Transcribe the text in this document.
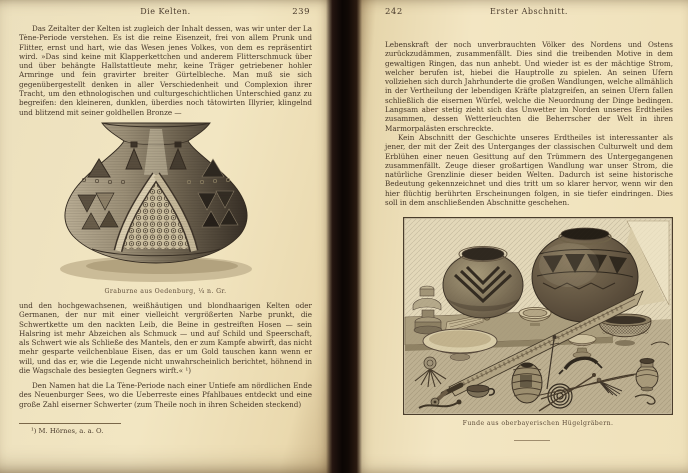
Die Kelten.	239

Das Zeitalter der Kelten ist zugleich der Inhalt dessen, was wir unter der La Tène-Periode verstehen. Es ist die reine Eisenzeit, frei von allem Prunk und Flitter, ernst und hart, wie das Wesen jenes Volkes, von dem es repräsentirt wird. »Das sind keine mit Klapperkettchen und anderem Flitterschmuck über und über behängte Hallstattleute mehr, keine Träger getriebener hohler Armringe und fein gravirter breiter Gürtelbleche. Man muß sie sich gegenübergestellt denken in aller Verschiedenheit und Complexion ihrer Tracht, um den ethnologischen und culturgeschichtlichen Unterschied ganz zu begreifen: den kleineren, dunklen, überdies noch tätowirten Illyrier, klingelnd und blitzend mit seiner goldhellen Bronze —

Graburne aus Oedenburg, ¼ n. Gr.

und den hochgewachsenen, weißhäutigen und blondhaarigen Kelten oder Germanen, der nur mit einer vielleicht vergrößerten Narbe prunkt, die Schwertkette um den nackten Leib, die Beine in gestreiften Hosen — sein Halsring ist mehr Abzeichen als Schmuck — und auf Schild und Speerschaft, als Schwert wie als Schließe des Mantels, den er zum Kampfe abwirft, das nicht mehr gesparte veilchenblaue Eisen, das er um Gold tauschen kann wenn er will, und das er, wie die Legende nicht unwahrscheinlich berichtet, höhnend in die Wagschale des besiegten Gegners wirft.« ¹)

Den Namen hat die La Tène-Periode nach einer Untiefe am nördlichen Ende des Neuenburger Sees, wo die Ueberreste eines Pfahlbaues entdeckt und eine große Zahl eiserner Schwerter (zum Theile noch in ihren Scheiden steckend)

¹) M. Hörnes, a. a. O.
242	Erster Abschnitt.

Lebenskraft der noch unverbrauchten Völker des Nordens und Ostens zurückzudämmen, zusammenfällt. Dies sind die treibenden Motive in dem gewaltigen Ringen, das nun anhebt. Und wieder ist es der mächtige Strom, welcher berufen ist, hiebei die Hauptrolle zu spielen. An seinen Ufern vollziehen sich durch Jahrhunderte die großen Wandlungen, welche allmählich in der Vertheilung der lebendigen Kräfte platzgreifen, an seinen Ufern fallen schließlich die eisernen Würfel, welche die Neuordnung der Dinge bedingen. Langsam aber stetig zieht sich das Unwetter im Norden unseres Erdtheiles zusammen, dessen Wetterleuchten die Beherrscher der Welt in ihren Marmorpalästen erschreckte.

Kein Abschnitt der Geschichte unseres Erdtheiles ist interessanter als jener, der mit der Zeit des Unterganges der classischen Culturwelt und dem Erblühen einer neuen Gesittung auf den Trümmern des Untergegangenen zusammenfällt. Zeuge dieser großartigen Wandlung war unser Strom, die natürliche Grenzlinie dieser beiden Welten. Dadurch ist seine historische Bedeutung gekennzeichnet und dies tritt um so klarer hervor, wenn wir den hier flüchtig berührten Erscheinungen folgen, in sie tiefer eindringen. Dies soll in dem anschließenden Abschnitte geschehen.

Funde aus oberbayerischen Hügelgräbern.
